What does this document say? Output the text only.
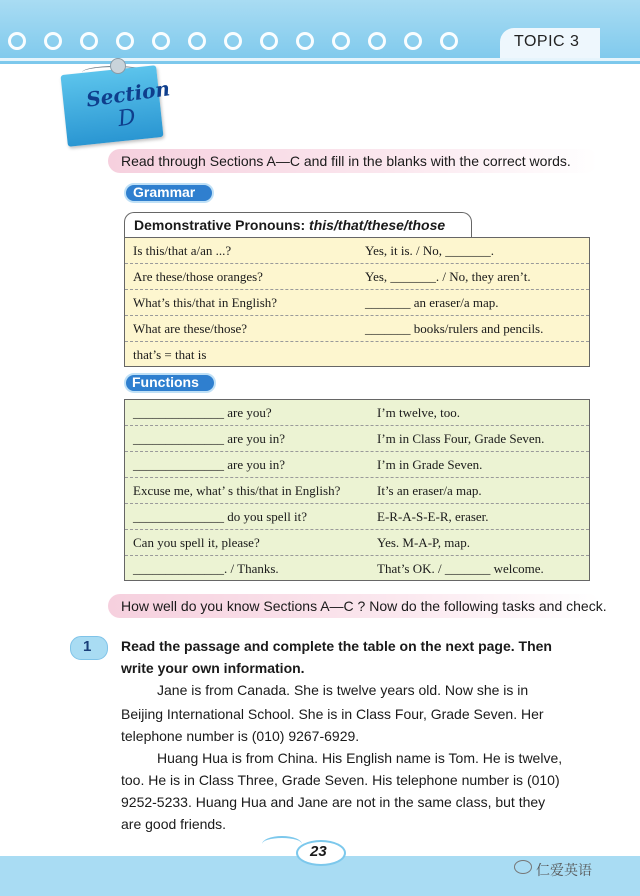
TOPIC 3
Section
D
Read through Sections A—C and fill in the blanks with the correct words.
Grammar
Demonstrative Pronouns: this/that/these/those
Is this/that a/an ...?	Yes, it is. / No, _______.
Are these/those oranges?	Yes, _______. / No, they aren’t.
What’s this/that in English?	_______ an eraser/a map.
What are these/those?	_______ books/rulers and pencils.
that’s = that is
Functions
______________ are you?	I’m twelve, too.
______________ are you in?	I’m in Class Four, Grade Seven.
______________ are you in?	I’m in Grade Seven.
Excuse me, what’ s this/that in English?	It’s an eraser/a map.
______________ do you spell it?	E-R-A-S-E-R, eraser.
Can you spell it, please?	Yes. M-A-P, map.
______________. / Thanks.	That’s OK. / _______ welcome.
How well do you know Sections A—C ? Now do the following tasks and check.
1 Read the passage and complete the table on the next page. Then
write your own information.
Jane is from Canada. She is twelve years old. Now she is in
Beijing International School. She is in Class Four, Grade Seven. Her
telephone number is (010) 9267-6929.
Huang Hua is from China. His English name is Tom. He is twelve,
too. He is in Class Three, Grade Seven. His telephone number is (010)
9252-5233. Huang Hua and Jane are not in the same class, but they
are good friends.
23
仁爱英语
